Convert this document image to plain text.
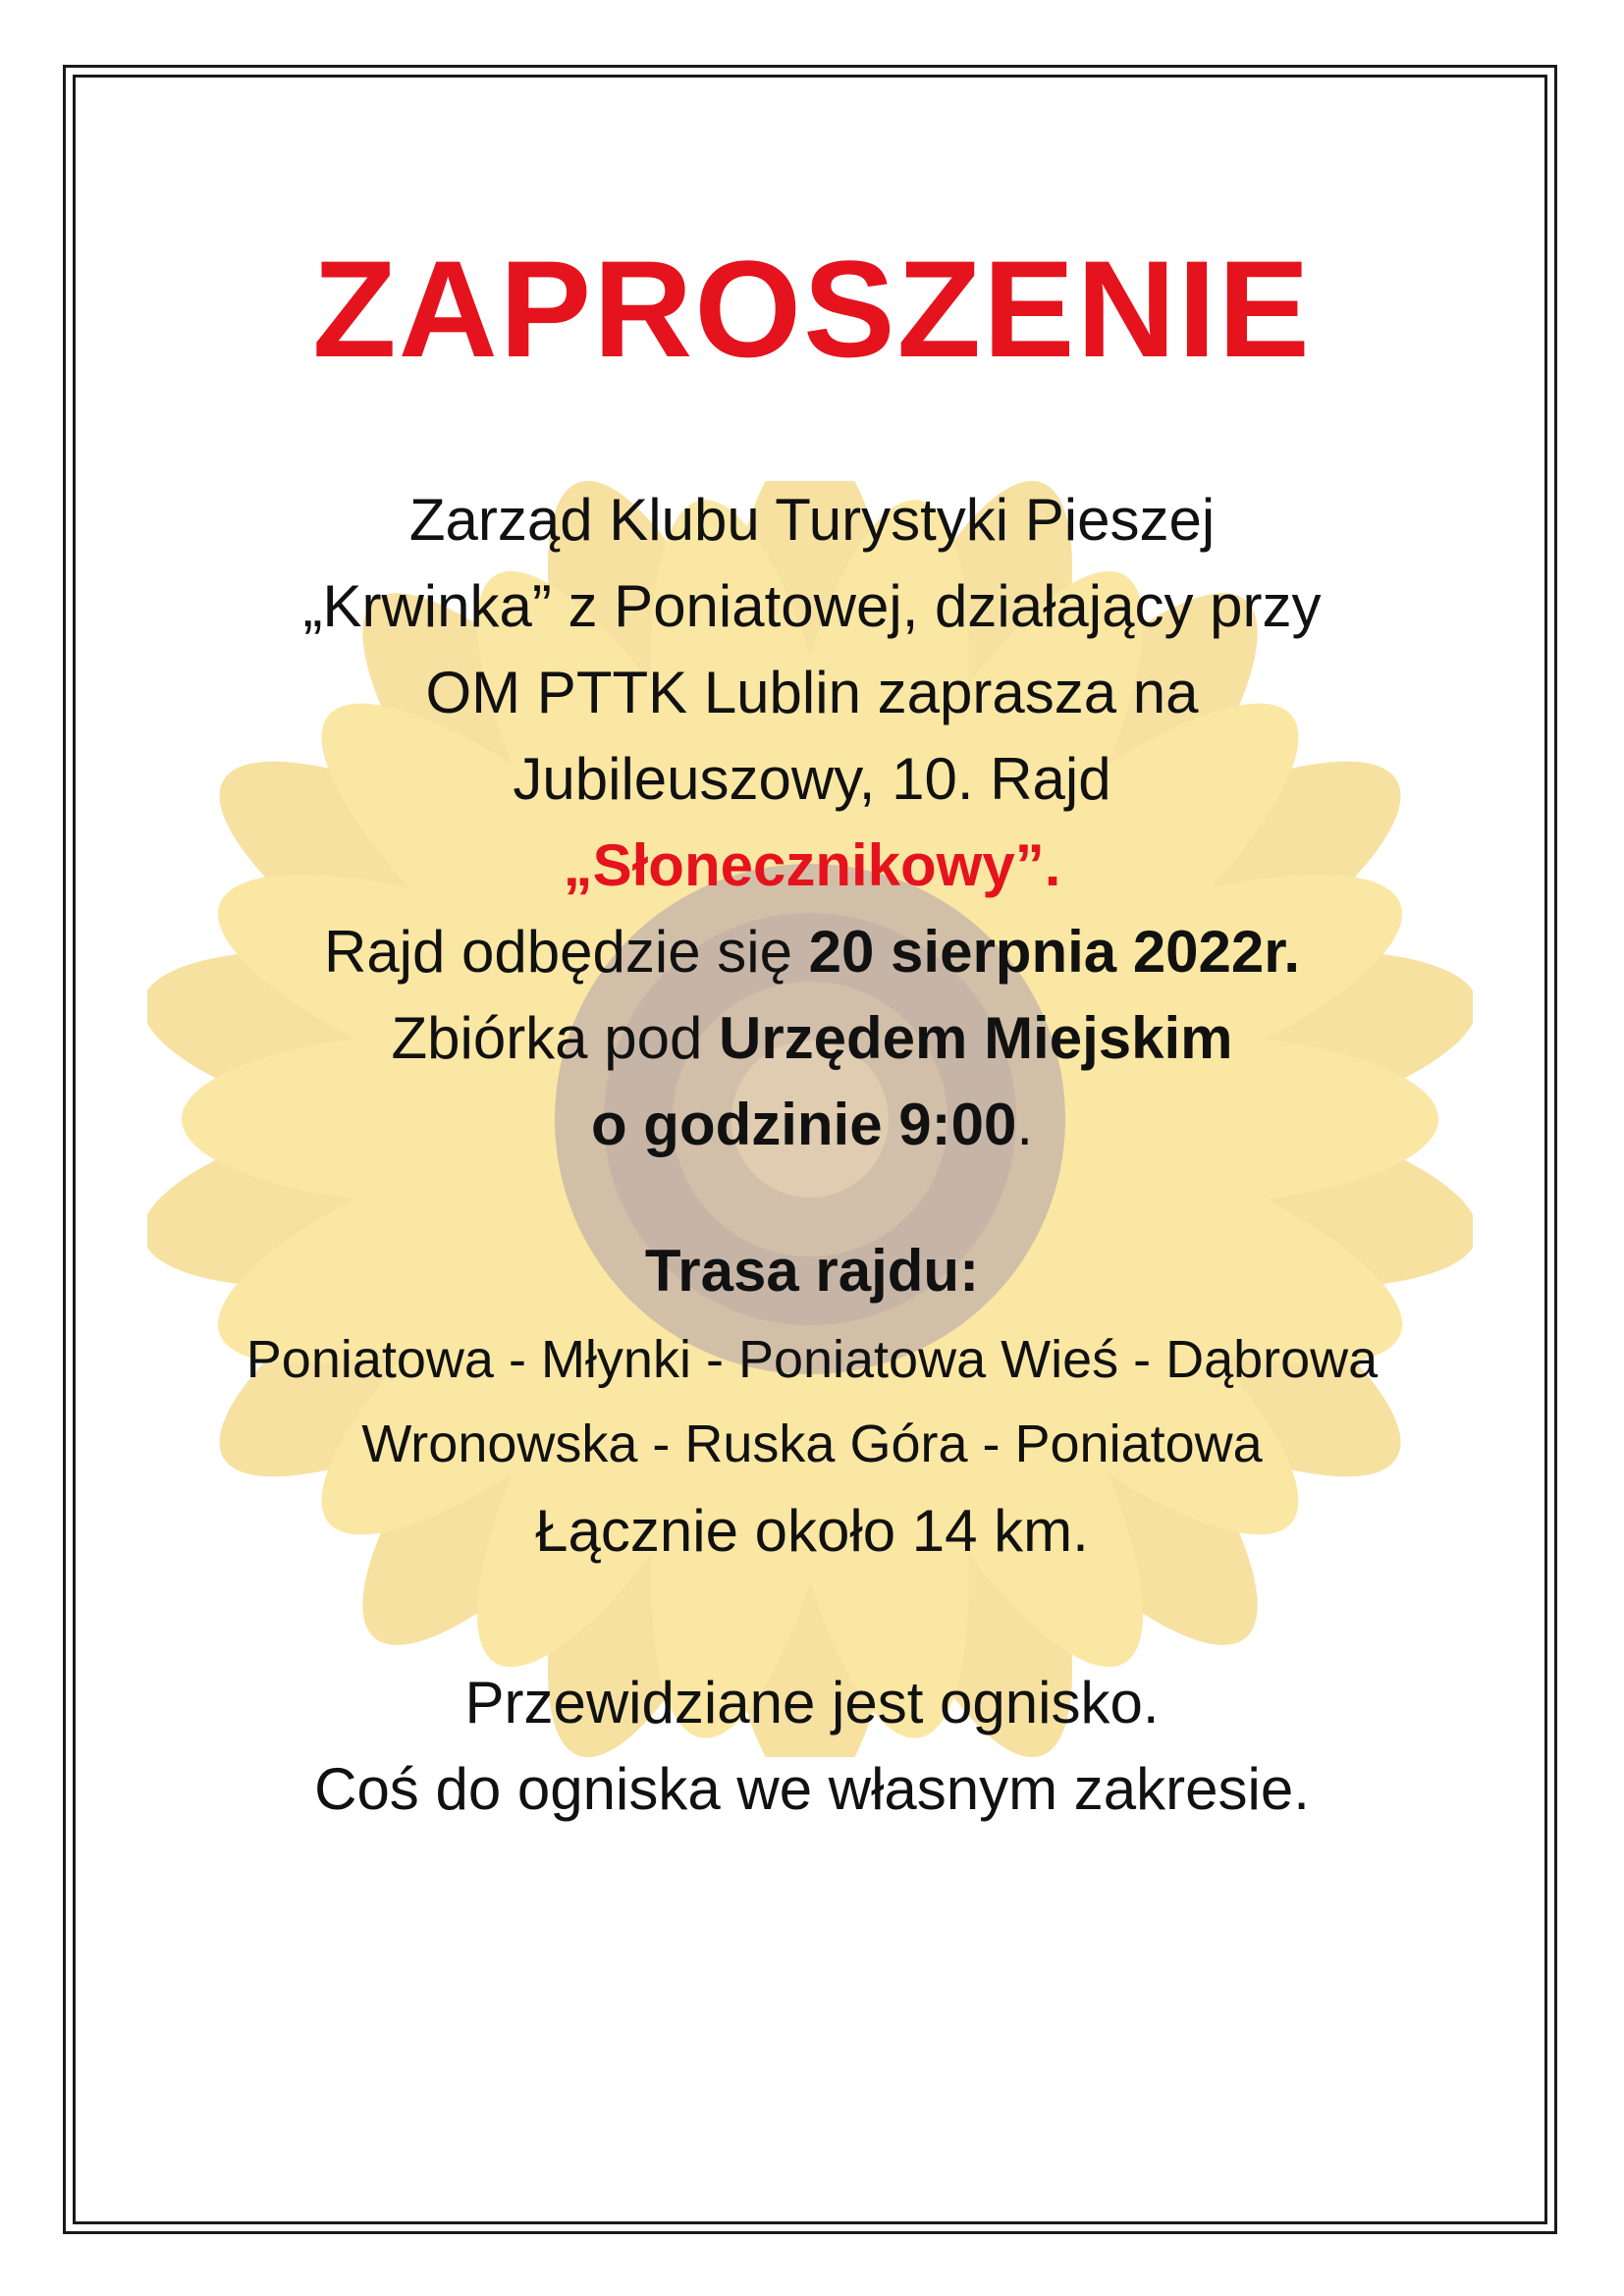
ZAPROSZENIE
Zarząd Klubu Turystyki Pieszej
„Krwinka” z Poniatowej, działający przy
OM PTTK Lublin zaprasza na
Jubileuszowy, 10. Rajd
„Słonecznikowy”.
Rajd odbędzie się 20 sierpnia 2022r.
Zbiórka pod Urzędem Miejskim
o godzinie 9:00.
Trasa rajdu:
Poniatowa - Młynki - Poniatowa Wieś - Dąbrowa
Wronowska - Ruska Góra - Poniatowa
Łącznie około 14 km.
Przewidziane jest ognisko.
Coś do ogniska we własnym zakresie.
